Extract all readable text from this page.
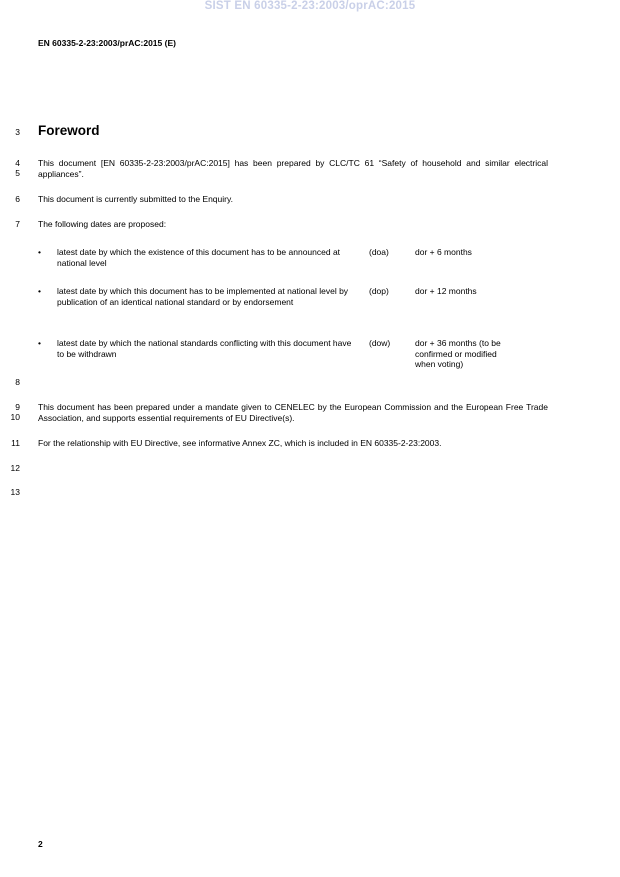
SIST EN 60335-2-23:2003/oprAC:2015
EN 60335-2-23:2003/prAC:2015 (E)
3
4
5
6
7
8
9
10
11
12
13
Foreword
This document [EN 60335-2-23:2003/prAC:2015] has been prepared by CLC/TC 61 “Safety of household and similar electrical appliances”.
This document is currently submitted to the Enquiry.
The following dates are proposed:
• latest date by which the existence of this document has to be announced at national level
(doa)	dor + 6 months
• latest date by which this document has to be implemented at national level by publication of an identical national standard or by endorsement
(dop)	dor + 12 months
• latest date by which the national standards conflicting with this document have to be withdrawn
(dow)	dor + 36 months (to be confirmed or modified when voting)
This document has been prepared under a mandate given to CENELEC by the European Commission and the European Free Trade Association, and supports essential requirements of EU Directive(s).
For the relationship with EU Directive, see informative Annex ZC, which is included in EN 60335-2-23:2003.
2
